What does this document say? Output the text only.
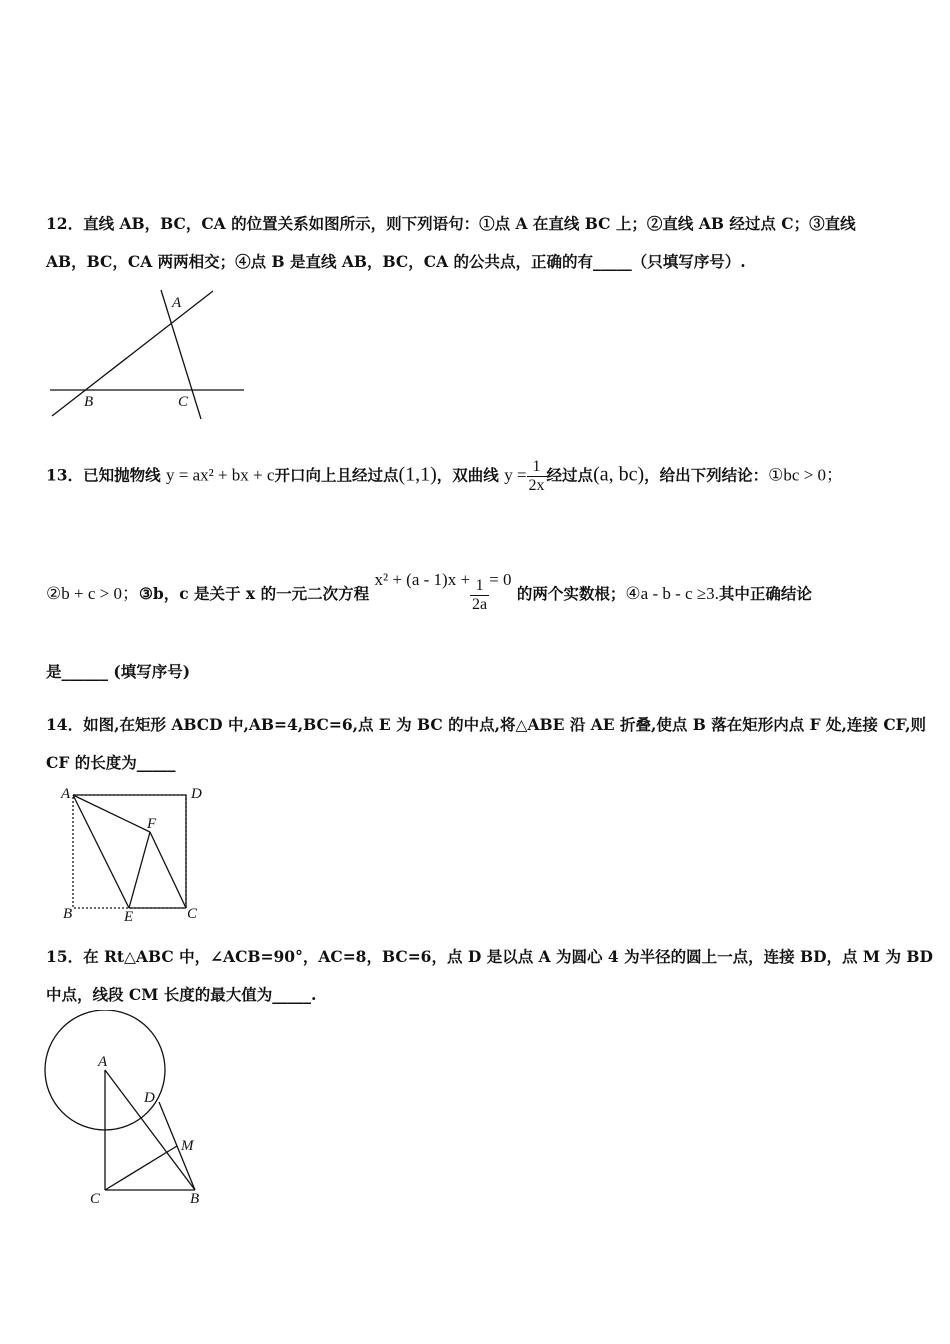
12．直线 AB，BC，CA 的位置关系如图所示，则下列语句：①点 A 在直线 BC 上；②直线 AB 经过点 C；③直线
AB，BC，CA 两两相交；④点 B 是直线 AB，BC，CA 的公共点，正确的有_____（只填写序号）.
A
B	C
13．已知抛物线 y = ax² + bx + c开口向上且经过点(1,1)，双曲线 $y = \frac{1}{2x}$ 经过点(a, bc)，给出下列结论：①bc > 0；
②b + c > 0；③b，c 是关于 x 的一元二次方程 $x^2 + (a - 1)x + \frac{1}{2a} = 0$ 的两个实数根；④a - b - c ≥3.其中正确结论
是______ (填写序号)
14．如图,在矩形 ABCD 中,AB=4,BC=6,点 E 为 BC 的中点,将△ABE 沿 AE 折叠,使点 B 落在矩形内点 F 处,连接 CF,则
CF 的长度为_____
A	D
F
B	E	C
15．在 Rt△ABC 中，∠ACB=90°，AC=8，BC=6，点 D 是以点 A 为圆心 4 为半径的圆上一点，连接 BD，点 M 为 BD
中点，线段 CM 长度的最大值为_____.
A
D
M
C	B
